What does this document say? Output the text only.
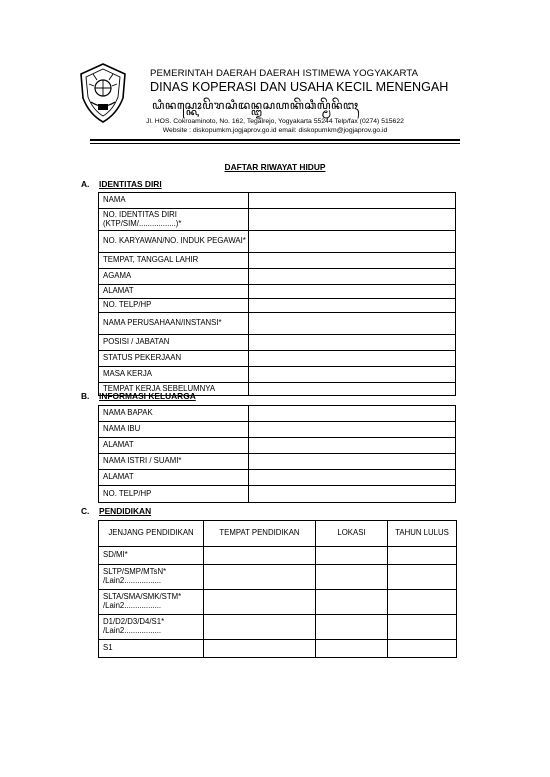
PEMERINTAH DAERAH DAERAH ISTIMEWA YOGYAKARTA
DINAS KOPERASI DAN USAHA KECIL MENENGAH
ꦝꦶꦤꦱ꧀ꦏꦺꦴꦥꦼꦫꦱꦶꦢꦤ꧀ꦈꦱꦲꦏꦼꦕꦶꦭ꧀ꦩꦼꦤꦼꦔꦃ
Jl. HOS. Cokroaminoto, No. 162, Tegalrejo, Yogyakarta 55244 Telp/fax (0274) 515622
Website : diskopumkm.jogjaprov.go.id email: diskopumkm@jogjaprov.go.id
DAFTAR RIWAYAT HIDUP
A. IDENTITAS DIRI
NAMA	
NO. IDENTITAS DIRI (KTP/SIM/.................)*	
NO. KARYAWAN/NO. INDUK PEGAWAI*	
TEMPAT, TANGGAL LAHIR	
AGAMA	
ALAMAT	
NO. TELP/HP	
NAMA PERUSAHAAN/INSTANSI*	
POSISI / JABATAN	
STATUS PEKERJAAN	
MASA KERJA	
TEMPAT KERJA SEBELUMNYA	
B. INFORMASI KELUARGA
NAMA BAPAK	
NAMA IBU	
ALAMAT	
NAMA ISTRI / SUAMI*	
ALAMAT	
NO. TELP/HP	
C. PENDIDIKAN
JENJANG PENDIDIKAN	TEMPAT PENDIDIKAN	LOKASI	TAHUN LULUS
SD/MI*			
SLTP/SMP/MTsN* /Lain2.................			
SLTA/SMA/SMK/STM* /Lain2.................			
D1/D2/D3/D4/S1* /Lain2.................			
S1			
